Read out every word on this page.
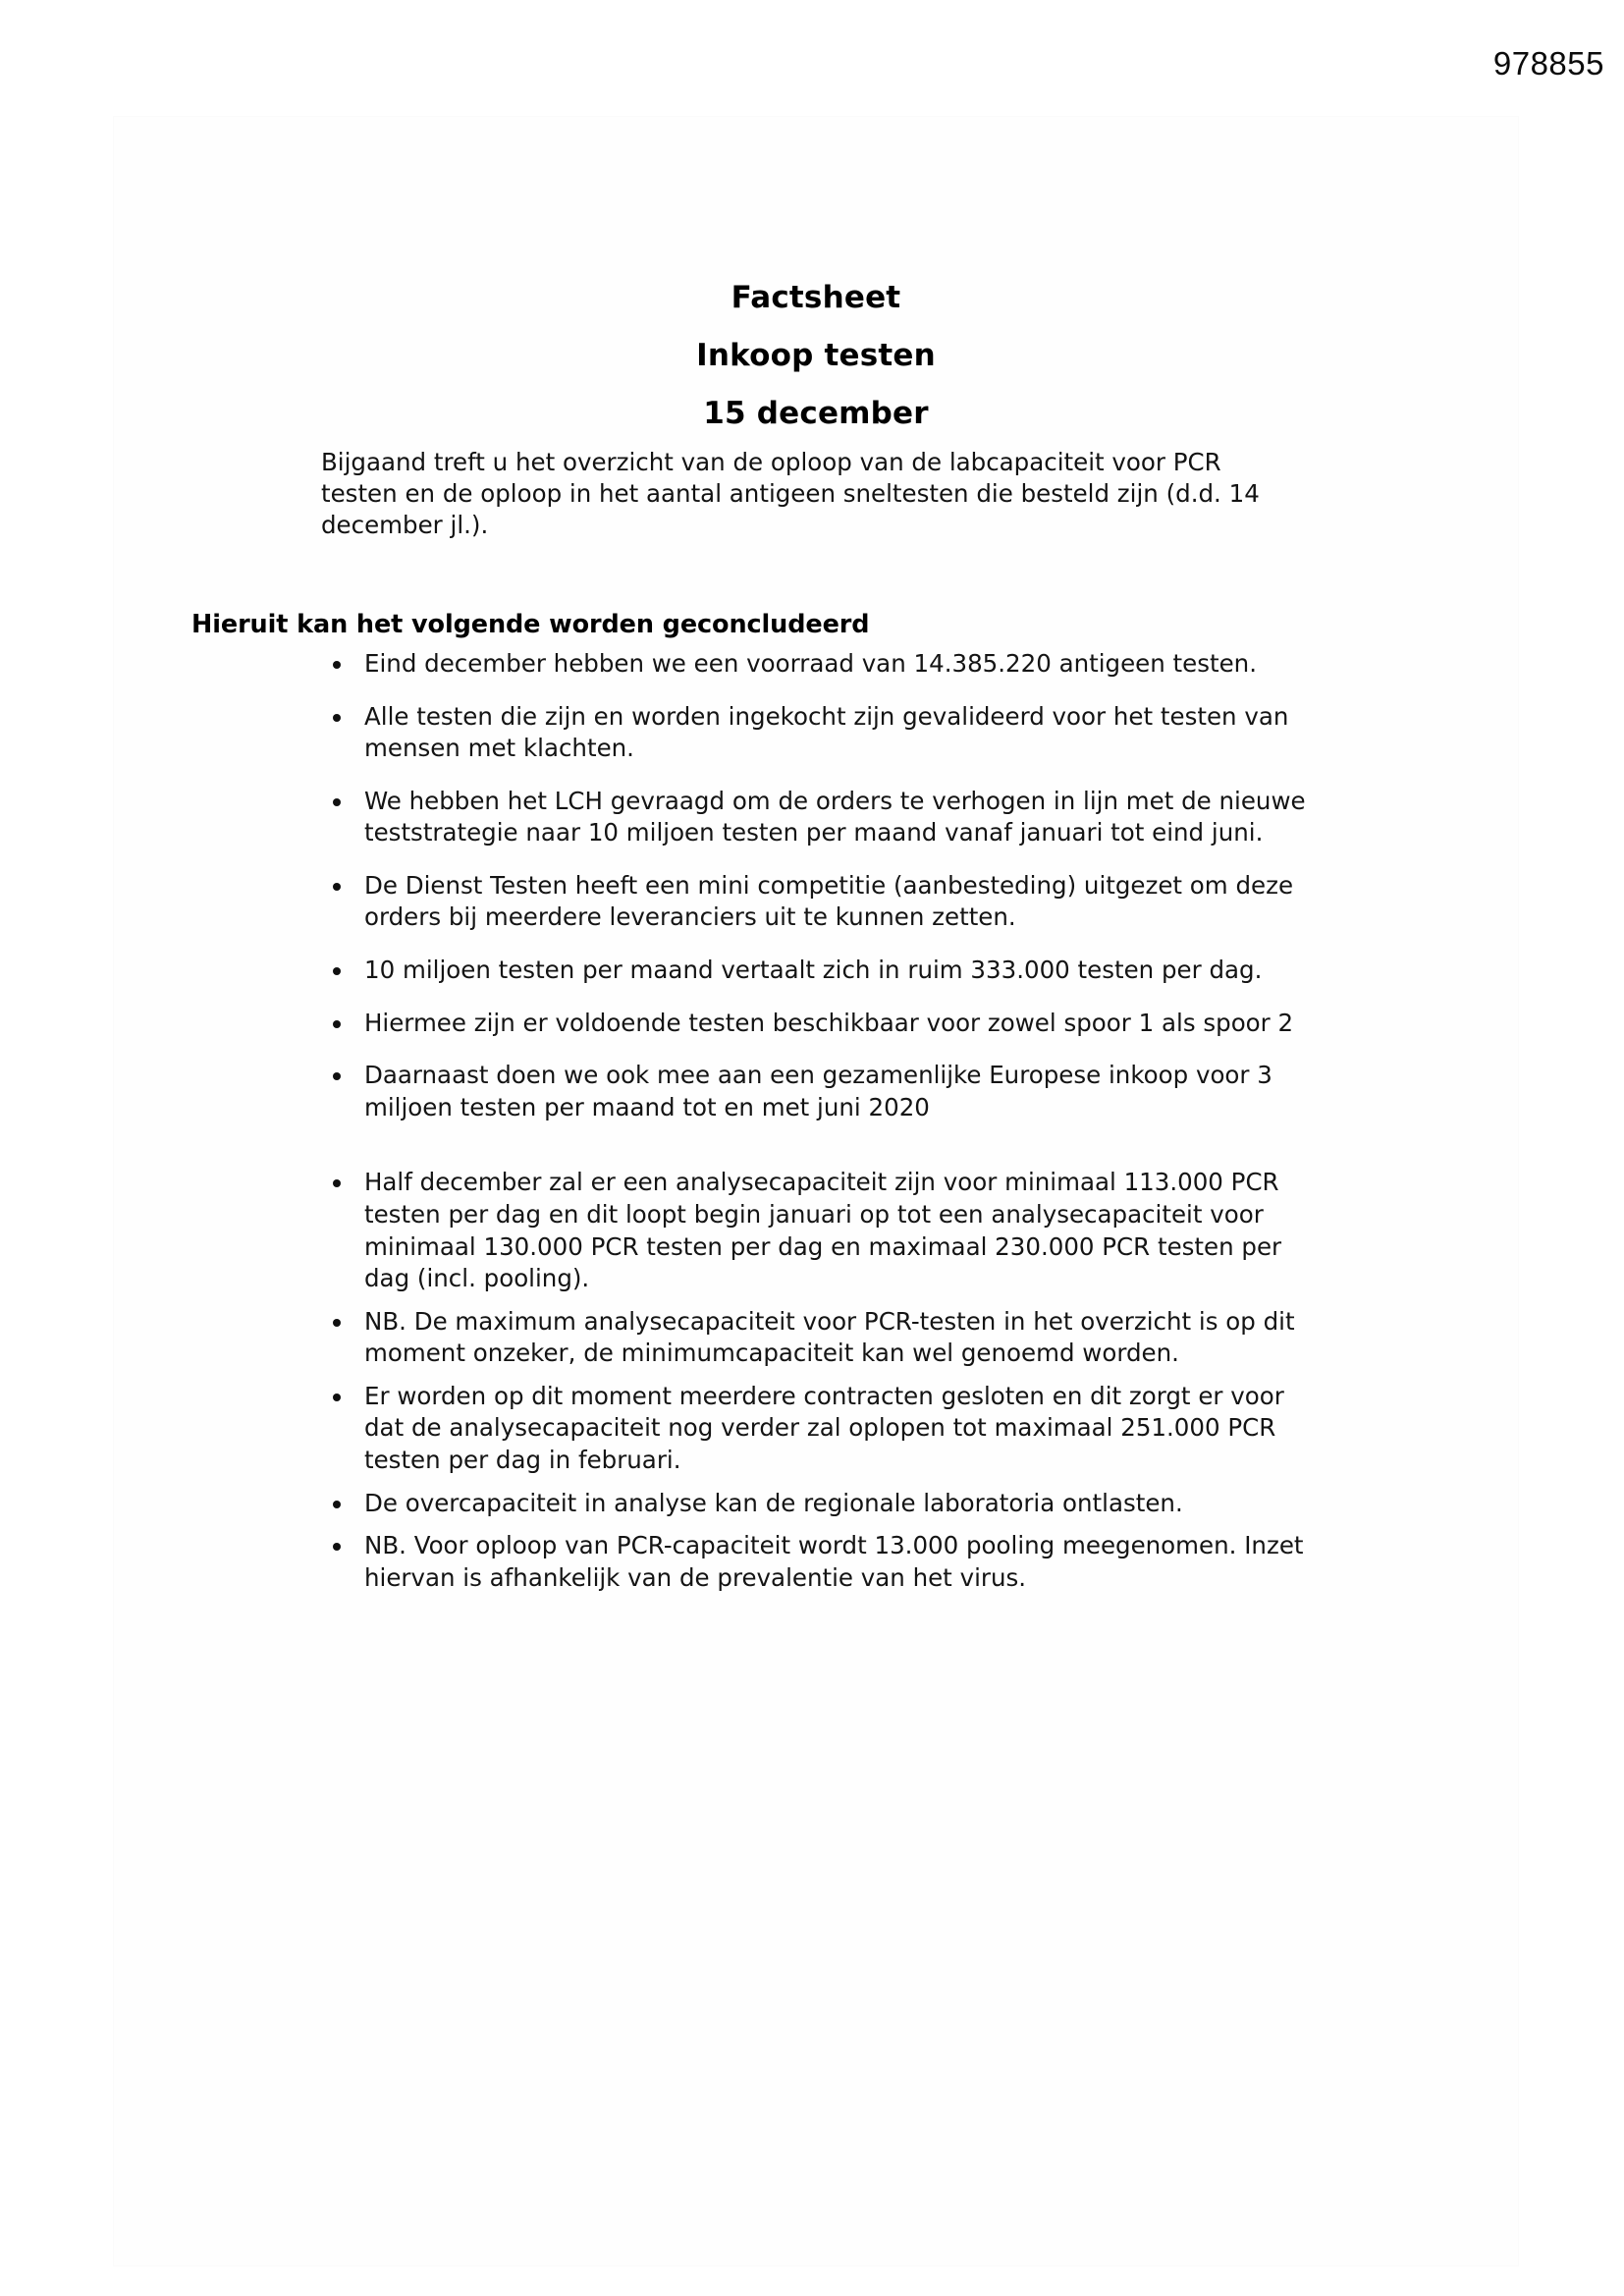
978855
Factsheet
Inkoop testen
15 december

Bijgaand treft u het overzicht van de oploop van de labcapaciteit voor PCR testen en de oploop in het aantal antigeen sneltesten die besteld zijn (d.d. 14 december jl.).

Hieruit kan het volgende worden geconcludeerd
Eind december hebben we een voorraad van 14.385.220 antigeen testen.
Alle testen die zijn en worden ingekocht zijn gevalideerd voor het testen van mensen met klachten.
We hebben het LCH gevraagd om de orders te verhogen in lijn met de nieuwe teststrategie naar 10 miljoen testen per maand vanaf januari tot eind juni.
De Dienst Testen heeft een mini competitie (aanbesteding) uitgezet om deze orders bij meerdere leveranciers uit te kunnen zetten.
10 miljoen testen per maand vertaalt zich in ruim 333.000 testen per dag.
Hiermee zijn er voldoende testen beschikbaar voor zowel spoor 1 als spoor 2
Daarnaast doen we ook mee aan een gezamenlijke Europese inkoop voor 3 miljoen testen per maand tot en met juni 2020
Half december zal er een analysecapaciteit zijn voor minimaal 113.000 PCR testen per dag en dit loopt begin januari op tot een analysecapaciteit voor minimaal 130.000 PCR testen per dag en maximaal 230.000 PCR testen per dag (incl. pooling).
NB. De maximum analysecapaciteit voor PCR-testen in het overzicht is op dit moment onzeker, de minimumcapaciteit kan wel genoemd worden.
Er worden op dit moment meerdere contracten gesloten en dit zorgt er voor dat de analysecapaciteit nog verder zal oplopen tot maximaal 251.000 PCR testen per dag in februari.
De overcapaciteit in analyse kan de regionale laboratoria ontlasten.
NB. Voor oploop van PCR-capaciteit wordt 13.000 pooling meegenomen. Inzet hiervan is afhankelijk van de prevalentie van het virus.
